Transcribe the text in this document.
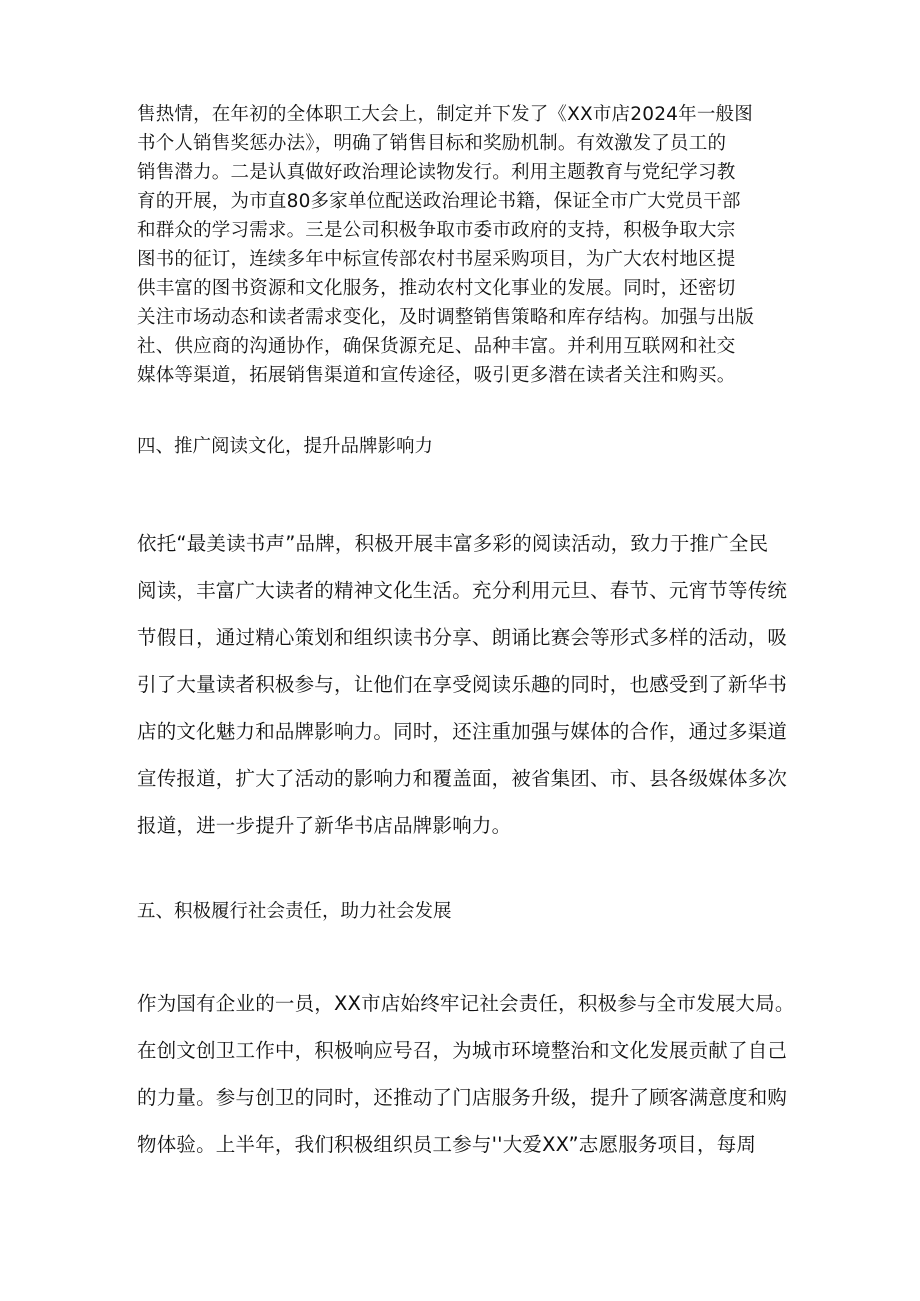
售热情，在年初的全体职工大会上，制定并下发了《XX市店2024年一般图
书个人销售奖惩办法》，明确了销售目标和奖励机制。有效激发了员工的
销售潜力。二是认真做好政治理论读物发行。利用主题教育与党纪学习教
育的开展，为市直80多家单位配送政治理论书籍，保证全市广大党员干部
和群众的学习需求。三是公司积极争取市委市政府的支持，积极争取大宗
图书的征订，连续多年中标宣传部农村书屋采购项目，为广大农村地区提
供丰富的图书资源和文化服务，推动农村文化事业的发展。同时，还密切
关注市场动态和读者需求变化，及时调整销售策略和库存结构。加强与出版
社、供应商的沟通协作，确保货源充足、品种丰富。并利用互联网和社交
媒体等渠道，拓展销售渠道和宣传途径，吸引更多潜在读者关注和购买。
四、推广阅读文化，提升品牌影响力
依托“最美读书声”品牌，积极开展丰富多彩的阅读活动，致力于推广全民
阅读，丰富广大读者的精神文化生活。充分利用元旦、春节、元宵节等传统
节假日，通过精心策划和组织读书分享、朗诵比赛会等形式多样的活动，吸
引了大量读者积极参与，让他们在享受阅读乐趣的同时，也感受到了新华书
店的文化魅力和品牌影响力。同时，还注重加强与媒体的合作，通过多渠道
宣传报道，扩大了活动的影响力和覆盖面，被省集团、市、县各级媒体多次
报道，进一步提升了新华书店品牌影响力。
五、积极履行社会责任，助力社会发展
作为国有企业的一员，XX市店始终牢记社会责任，积极参与全市发展大局。
在创文创卫工作中，积极响应号召，为城市环境整治和文化发展贡献了自己
的力量。参与创卫的同时，还推动了门店服务升级，提升了顾客满意度和购
物体验。上半年，我们积极组织员工参与''大爱XX”志愿服务项目，每周
